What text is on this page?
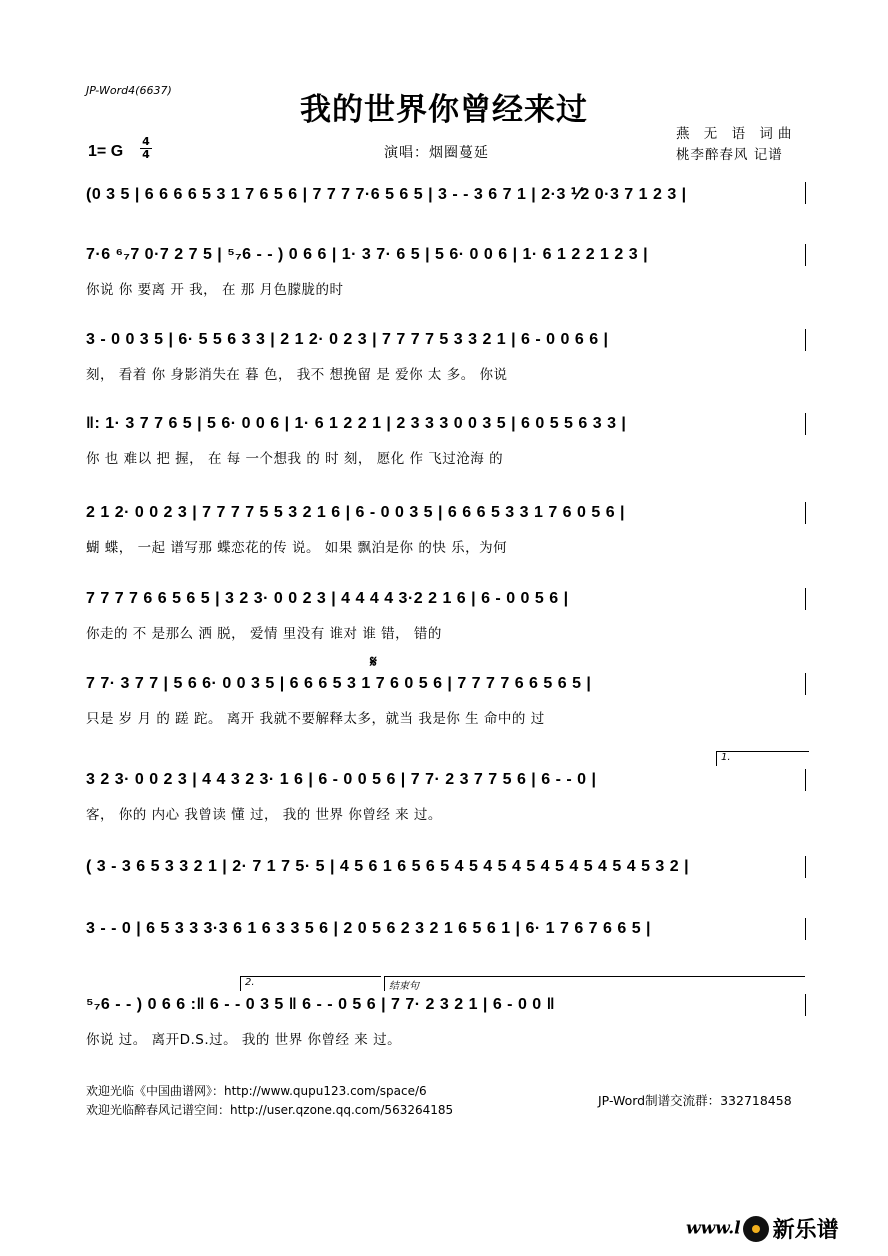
JP-Word4(6637)
我的世界你曾经来过
燕 无 语 词曲
桃李醉春风 记谱
演唱：烟圈蔓延
1= G
4
4
𝄋
(0 3 5 | 6 6 6 6 5 3 1 7 6 5 6 | 7 7 7 7·6 5 6 5 | 3 - - 3 6 7 1 | 2·3 ⅟2 0·3 7 1 2 3 |
7·6 ⁶₇7 0·7 2 7 5 | ⁵₇6 - - ) 0 6 6 | 1· 3 7· 6 5 | 5 6· 0 0 6 | 1· 6 1 2 2 1 2 3 |
你说 你 要离 开 我， 在 那 月色朦胧的时
3 - 0 0 3 5 | 6· 5 5 6 3 3 | 2 1 2· 0 2 3 | 7 7 7 7 5 3 3 2 1 | 6 - 0 0 6 6 |
刻， 看着 你 身影消失在 暮 色， 我不 想挽留 是 爱你 太 多。 你说
‖: 1· 3 7 7 6 5 | 5 6· 0 0 6 | 1· 6 1 2 2 1 | 2 3 3 3 0 0 3 5 | 6 0 5 5 6 3 3 |
你 也 难以 把 握， 在 每 一个想我 的 时 刻， 愿化 作 飞过沧海 的
2 1 2· 0 0 2 3 | 7 7 7 7 5 5 3 2 1 6 | 6 - 0 0 3 5 | 6 6 6 5 3 3 1 7 6 0 5 6 |
蝴 蝶， 一起 谱写那 蝶恋花的传 说。 如果 飘泊是你 的快 乐，为何
7 7 7 7 6 6 5 6 5 | 3 2 3· 0 0 2 3 | 4 4 4 4 3·2 2 1 6 | 6 - 0 0 5 6 |
你走的 不 是那么 洒 脱， 爱情 里没有 谁对 谁 错， 错的
7 7· 3 7 7 | 5 6 6· 0 0 3 5 | 6 6 6 5 3 1 7 6 0 5 6 | 7 7 7 7 6 6 5 6 5 |
只是 岁 月 的 蹉 跎。 离开 我就不要解释太多，就当 我是你 生 命中的 过
3 2 3· 0 0 2 3 | 4 4 3 2 3· 1 6 | 6 - 0 0 5 6 | 7 7· 2 3 7 7 5 6 | 6 - - 0 |
客， 你的 内心 我曾读 懂 过， 我的 世界 你曾经 来 过。
( 3 - 3 6 5 3 3 2 1 | 2· 7 1 7 5· 5 | 4 5 6 1 6 5 6 5 4 5 4 5 4 5 4 5 4 5 4 5 4 5 3 2 |
3 - - 0 | 6 5 3 3 3·3 6 1 6 3 3 5 6 | 2 0 5 6 2 3 2 1 6 5 6 1 | 6· 1 7 6 7 6 6 5 |
⁵₇6 - - ) 0 6 6 :‖ 6 - - 0 3 5 ‖ 6 - - 0 5 6 | 7 7· 2 3 2 1 | 6 - 0 0 ‖
你说 过。 离开D.S.过。 我的 世界 你曾经 来 过。
1.
2.	结束句
欢迎光临《中国曲谱网》：http://www.qupu123.com/space/6
欢迎光临醉春风记谱空间：http://user.qzone.qq.com/563264185
JP-Word制谱交流群：332718458
www.l 新乐谱
